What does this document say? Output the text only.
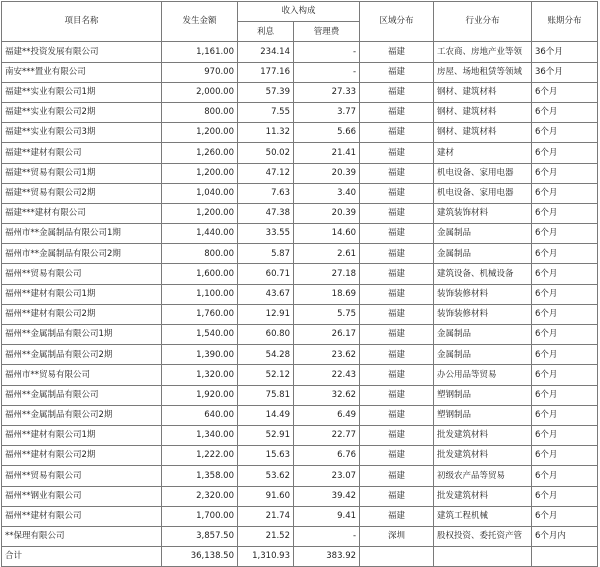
项目名称	发生金额	收入构成		区域分布	行业分布	账期分布
		利息	管理费			
福建**投资发展有限公司	1,161.00	234.14	-	福建	工农商、房地产业等领	36个月
南安***置业有限公司	970.00	177.16	-	福建	房屋、场地租赁等领域	36个月
福建**实业有限公司1期	2,000.00	57.39	27.33	福建	钢材、建筑材料	6个月
福建**实业有限公司2期	800.00	7.55	3.77	福建	钢材、建筑材料	6个月
福建**实业有限公司3期	1,200.00	11.32	5.66	福建	钢材、建筑材料	6个月
福建**建材有限公司	1,260.00	50.02	21.41	福建	建材	6个月
福建**贸易有限公司1期	1,200.00	47.12	20.39	福建	机电设备、家用电器	6个月
福建**贸易有限公司2期	1,040.00	7.63	3.40	福建	机电设备、家用电器	6个月
福建***建材有限公司	1,200.00	47.38	20.39	福建	建筑装饰材料	6个月
福州市**金属制品有限公司1期	1,440.00	33.55	14.60	福建	金属制品	6个月
福州市**金属制品有限公司2期	800.00	5.87	2.61	福建	金属制品	6个月
福州**贸易有限公司	1,600.00	60.71	27.18	福建	建筑设备、机械设备	6个月
福州**建材有限公司1期	1,100.00	43.67	18.69	福建	装饰装修材料	6个月
福州**建材有限公司2期	1,760.00	12.91	5.75	福建	装饰装修材料	6个月
福州**金属制品有限公司1期	1,540.00	60.80	26.17	福建	金属制品	6个月
福州**金属制品有限公司2期	1,390.00	54.28	23.62	福建	金属制品	6个月
福州市**贸易有限公司	1,320.00	52.12	22.43	福建	办公用品等贸易	6个月
福州**金属制品有限公司	1,920.00	75.81	32.62	福建	塑钢制品	6个月
福州**金属制品有限公司2期	640.00	14.49	6.49	福建	塑钢制品	6个月
福州**建材有限公司1期	1,340.00	52.91	22.77	福建	批发建筑材料	6个月
福州**建材有限公司2期	1,222.00	15.63	6.76	福建	批发建筑材料	6个月
福州**贸易有限公司	1,358.00	53.62	23.07	福建	初级农产品等贸易	6个月
福州**钢业有限公司	2,320.00	91.60	39.42	福建	批发建筑材料	6个月
福州**建材有限公司	1,700.00	21.74	9.41	福建	建筑工程机械	6个月
**保理有限公司	3,857.50	21.52	-	深圳	股权投资、委托资产管	6个月内
合计	36,138.50	1,310.93	383.92			
